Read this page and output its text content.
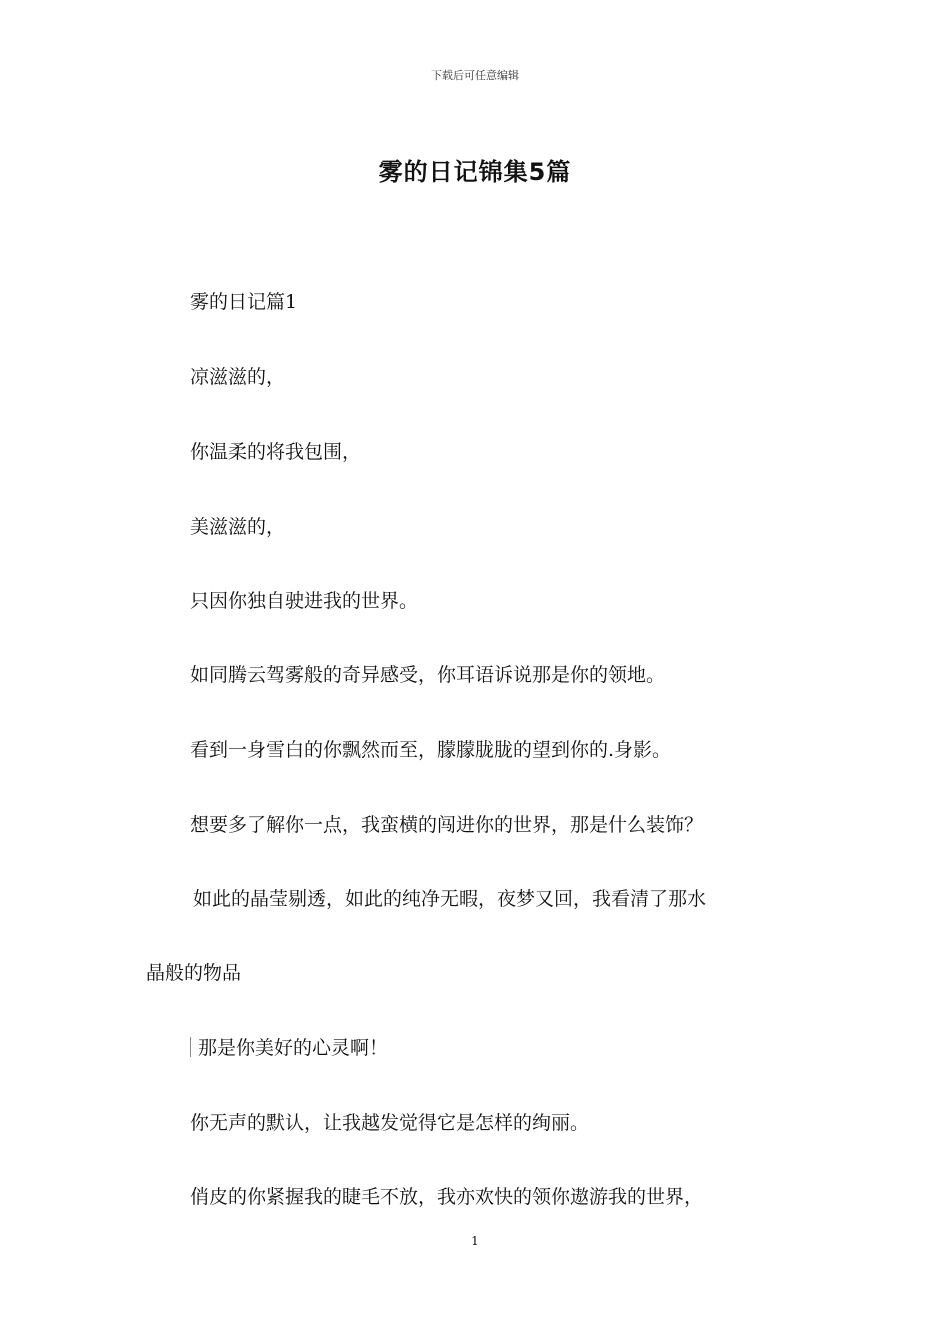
下载后可任意编辑
雾的日记锦集5篇
雾的日记篇1
凉滋滋的，
你温柔的将我包围，
美滋滋的，
只因你独自驶进我的世界。
如同腾云驾雾般的奇异感受，你耳语诉说那是你的领地。
看到一身雪白的你飘然而至，朦朦胧胧的望到你的.身影。
想要多了解你一点，我蛮横的闯进你的世界，那是什么装饰？
如此的晶莹剔透，如此的纯净无暇，夜梦又回，我看清了那水
晶般的物品
那是你美好的心灵啊！
你无声的默认，让我越发觉得它是怎样的绚丽。
俏皮的你紧握我的睫毛不放，我亦欢快的领你遨游我的世界，
1
